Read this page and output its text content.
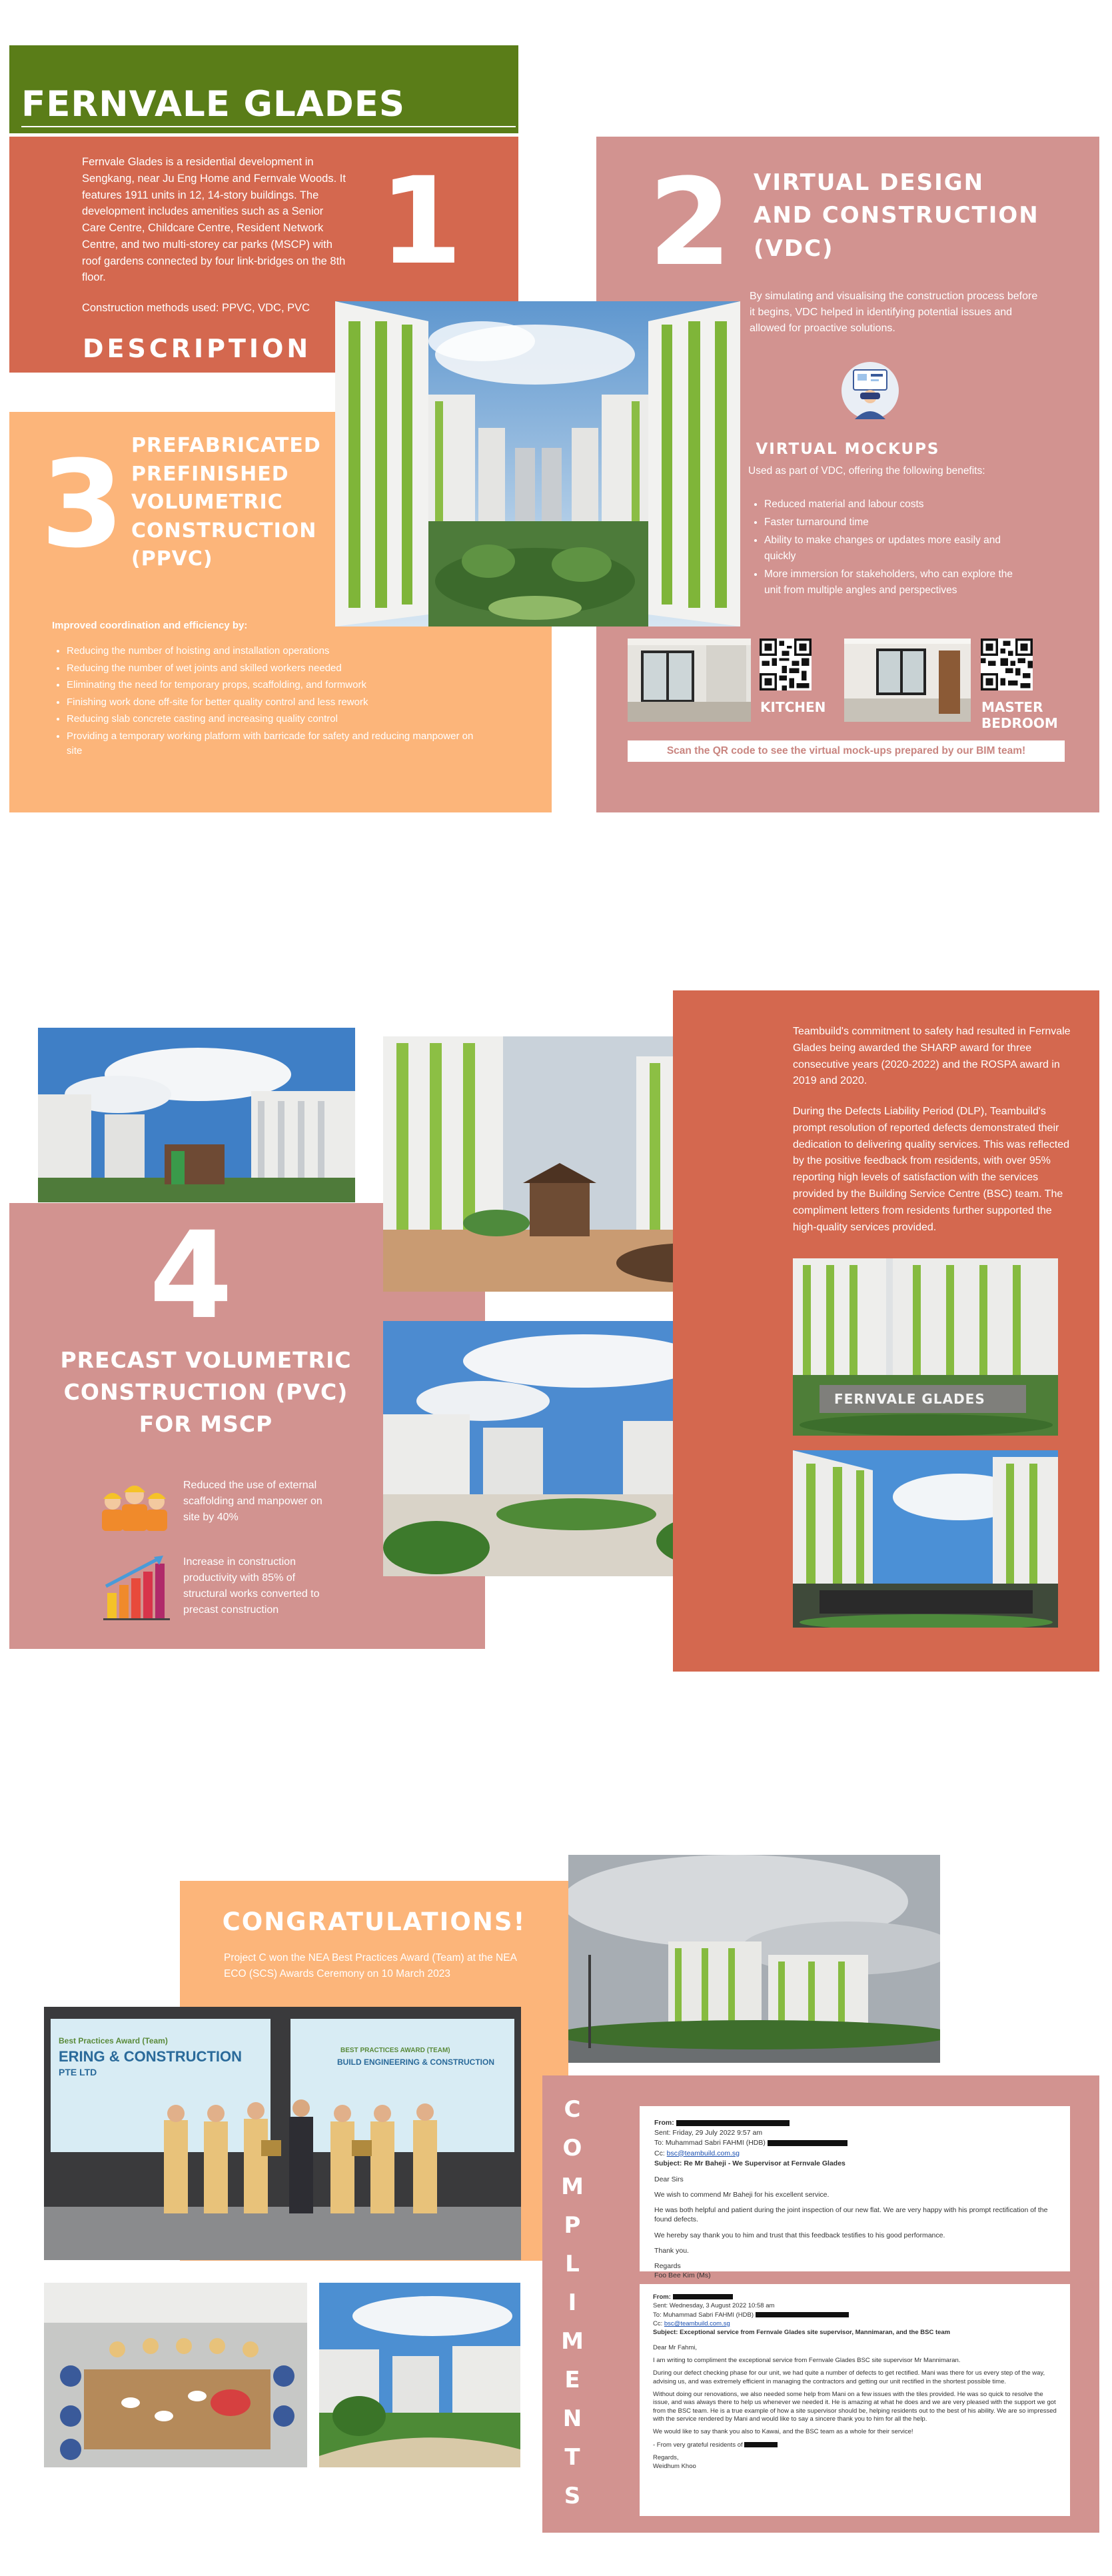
FERNVALE GLADES
Fernvale Glades is a residential development in Sengkang, near Ju Eng Home and Fernvale Woods. It features 1911 units in 12, 14-story buildings. The development includes amenities such as a Senior Care Centre, Childcare Centre, Resident Network Centre, and two multi-storey car parks (MSCP) with roof gardens connected by four link-bridges on the 8th floor.
Construction methods used: PPVC, VDC, PVC
1
DESCRIPTION
3 PREFABRICATED PREFINISHED VOLUMETRIC CONSTRUCTION (PPVC)
Improved coordination and efficiency by:
• Reducing the number of hoisting and installation operations
• Reducing the number of wet joints and skilled workers needed
• Eliminating the need for temporary props, scaffolding, and formwork
• Finishing work done off-site for better quality control and less rework
• Reducing slab concrete casting and increasing quality control
• Providing a temporary working platform with barricade for safety and reducing manpower on site
2 VIRTUAL DESIGN AND CONSTRUCTION (VDC)
By simulating and visualising the construction process before it begins, VDC helped in identifying potential issues and allowed for proactive solutions.
VIRTUAL MOCKUPS
Used as part of VDC, offering the following benefits:
• Reduced material and labour costs
• Faster turnaround time
• Ability to make changes or updates more easily and quickly
• More immersion for stakeholders, who can explore the unit from multiple angles and perspectives
KITCHEN	MASTER BEDROOM
Scan the QR code to see the virtual mock-ups prepared by our BIM team!
4
PRECAST VOLUMETRIC CONSTRUCTION (PVC) FOR MSCP
Reduced the use of external scaffolding and manpower on site by 40%
Increase in construction productivity with 85% of structural works converted to precast construction
Teambuild's commitment to safety had resulted in Fernvale Glades being awarded the SHARP award for three consecutive years (2020-2022) and the ROSPA award in 2019 and 2020.
During the Defects Liability Period (DLP), Teambuild's prompt resolution of reported defects demonstrated their dedication to delivering quality services. This was reflected by the positive feedback from residents, with over 95% reporting high levels of satisfaction with the services provided by the Building Service Centre (BSC) team. The compliment letters from residents further supported the high-quality services provided.
FERNVALE GLADES
CONGRATULATIONS!
Project C won the NEA Best Practices Award (Team) at the NEA ECO (SCS) Awards Ceremony on 10 March 2023
Best Practices Award (Team)
ERING & CONSTRUCTION
PTE LTD
BEST PRACTICES AWARD (TEAM)
BUILD ENGINEERING & CONSTRUCTION
C
O
M
P
L
I
M
E
N
T
S
From:
Sent: Friday, 29 July 2022 9:57 am
To: Muhammad Sabri FAHMI (HDB)
Cc: bsc@teambuild.com.sg
Subject: Re Mr Baheji - We Supervisor at Fernvale Glades

Dear Sirs

We wish to commend Mr Baheji for his excellent service.

He was both helpful and patient during the joint inspection of our new flat. We are very happy with his prompt rectification of the found defects.

We hereby say thank you to him and trust that this feedback testifies to his good performance.

Thank you.

Regards
Foo Bee Kim (Ms)
From:
Sent: Wednesday, 3 August 2022 10:58 am
To: Muhammad Sabri FAHMI (HDB)
Cc: bsc@teambuild.com.sg
Subject: Exceptional service from Fernvale Glades site supervisor, Mannimaran, and the BSC team

Dear Mr Fahmi,

I am writing to compliment the exceptional service from Fernvale Glades BSC site supervisor Mr Mannimaran.

During our defect checking phase for our unit, we had quite a number of defects to get rectified. Mani was there for us every step of the way, advising us, and was extremely efficient in managing the contractors and getting our unit rectified in the shortest possible time.

Without doing our renovations, we also needed some help from Mani on a few issues with the tiles provided. He was so quick to resolve the issue, and was always there to help us whenever we needed it. He is amazing at what he does and we are very pleased with the support we got from the BSC team. He is a true example of how a site supervisor should be, helping residents out to the best of his ability. We are so impressed with the service rendered by Mani and would like to say a sincere thank you to him for all the help.

We would like to say thank you also to Kawai, and the BSC team as a whole for their service!

- From very grateful residents of

Regards,
Weidhum Khoo
